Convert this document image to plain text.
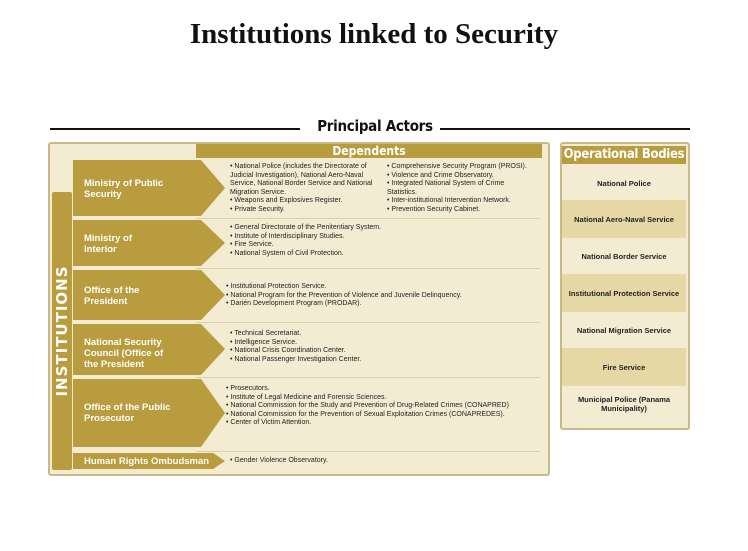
Institutions linked to Security
Principal Actors
INSTITUTIONS
Dependents
Ministry of Public Security
• National Police (includes the Directorate of
Judicial Investigation), National Aero-Naval
Service, National Border Service and National
Migration Service.
• Weapons and Explosives Register.
• Private Security.
• Comprehensive Security Program (PROSI).
• Violence and Crime Observatory.
• Integrated National System of Crime
Statistics.
• Inter-institutional Intervention Network.
• Prevention Security Cabinet.
Ministry of Interior
• General Directorate of the Penitentiary System.
• Institute of Interdisciplinary Studies.
• Fire Service.
• National System of Civil Protection.
Office of the President
• Institutional Protection Service.
• National Program for the Prevention of Violence and Juvenile Delinquency.
• Darién Development Program (PRODAR).
National Security Council (Office of the President
• Technical Secretariat.
• Intelligence Service.
• National Crisis Coordination Center.
• National Passenger Investigation Center.
Office of the Public Prosecutor
• Prosecutors.
• Institute of Legal Medicine and Forensic Sciences.
• National Commission for the Study and Prevention of Drug-Related Crimes (CONAPRED)
• National Commission for the Prevention of Sexual Exploitation Crimes (CONAPREDES).
• Center of Victim Attention.
Human Rights Ombudsman	• Gender Violence Observatory.
Operational Bodies
National Police
National Aero-Naval Service
National Border Service
Institutional Protection Service
National Migration Service
Fire Service
Municipal Police (Panama Municipality)
